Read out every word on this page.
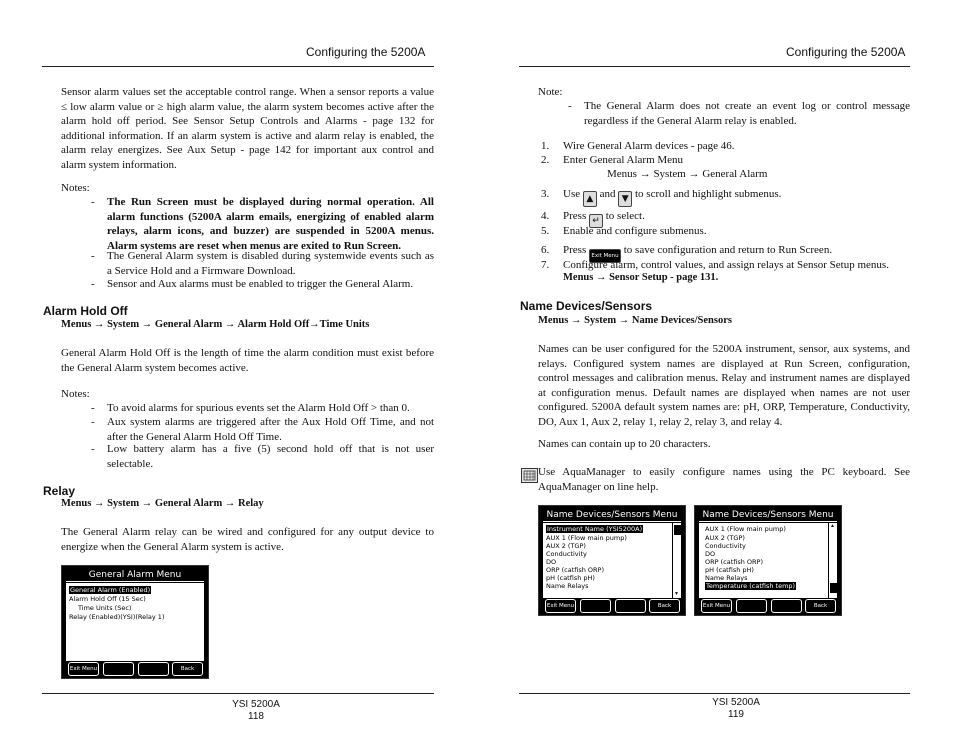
Configuring the 5200A
Sensor alarm values set the acceptable control range. When a sensor reports a value ≤ low alarm value or ≥ high alarm value, the alarm system becomes active after the alarm hold off period. See Sensor Setup Controls and Alarms - page 132 for additional information. If an alarm system is active and alarm relay is enabled, the alarm relay energizes. See Aux Setup - page 142 for important aux control and alarm system information.
Notes:
- The Run Screen must be displayed during normal operation. All alarm functions (5200A alarm emails, energizing of enabled alarm relays, alarm icons, and buzzer) are suspended in 5200A menus. Alarm systems are reset when menus are exited to Run Screen.
- The General Alarm system is disabled during systemwide events such as a Service Hold and a Firmware Download.
- Sensor and Aux alarms must be enabled to trigger the General Alarm.
Alarm Hold Off
Menus → System → General Alarm → Alarm Hold Off→Time Units
General Alarm Hold Off is the length of time the alarm condition must exist before the General Alarm system becomes active.
Notes:
- To avoid alarms for spurious events set the Alarm Hold Off > than 0.
- Aux system alarms are triggered after the Aux Hold Off Time, and not after the General Alarm Hold Off Time.
- Low battery alarm has a five (5) second hold off that is not user selectable.
Relay
Menus → System → General Alarm → Relay
The General Alarm relay can be wired and configured for any output device to energize when the General Alarm system is active.
General Alarm Menu
General Alarm (Enabled)
Alarm Hold Off (15 Sec)
Time Units (Sec)
Relay (Enabled)(YSI)(Relay 1)
Exit Menu	Back
YSI 5200A
118
Configuring the 5200A
Note:
- The General Alarm does not create an event log or control message regardless if the General Alarm relay is enabled.
1. Wire General Alarm devices - page 46.
2. Enter General Alarm Menu
Menus → System → General Alarm
3. Use ▲ and ▼ to scroll and highlight submenus.
4. Press ↵ to select.
5. Enable and configure submenus.
6. Press Exit Menu to save configuration and return to Run Screen.
7. Configure alarm, control values, and assign relays at Sensor Setup menus.
Menus → Sensor Setup - page 131.
Name Devices/Sensors
Menus → System → Name Devices/Sensors
Names can be user configured for the 5200A instrument, sensor, aux systems, and relays. Configured system names are displayed at Run Screen, configuration, control messages and calibration menus. Relay and instrument names are displayed at configuration menus. Default names are displayed when names are not user configured. 5200A default system names are: pH, ORP, Temperature, Conductivity, DO, Aux 1, Aux 2, relay 1, relay 2, relay 3, and relay 4.
Names can contain up to 20 characters.
Use AquaManager to easily configure names using the PC keyboard. See AquaManager on line help.
Name Devices/Sensors Menu
Instrument Name (YSI5200A)
AUX 1 (Flow main pump)
AUX 2 (TGP)
Conductivity
DO
ORP (catfish ORP)
pH (catfish pH)
Name Relays
▼
Exit Menu	Back
Name Devices/Sensors Menu
AUX 1 (Flow main pump)
AUX 2 (TGP)
Conductivity
DO
ORP (catfish ORP)
pH (catfish pH)
Name Relays
Temperature (catfish temp)
▲
Exit Menu	Back
YSI 5200A
119
